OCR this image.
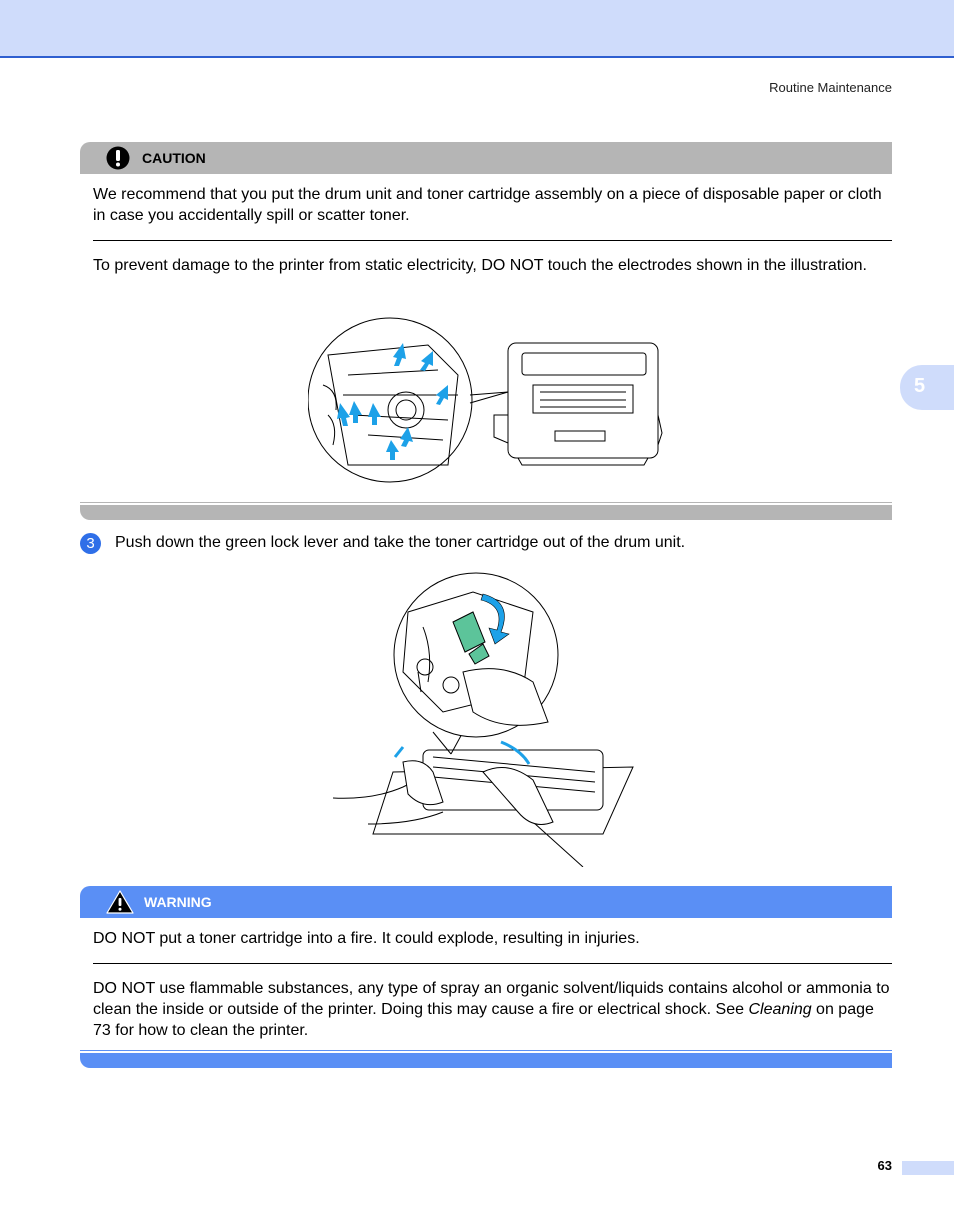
Routine Maintenance
5
CAUTION
We recommend that you put the drum unit and toner cartridge assembly on a piece of disposable paper or cloth in case you accidentally spill or scatter toner.
To prevent damage to the printer from static electricity, DO NOT touch the electrodes shown in the illustration.
3	Push down the green lock lever and take the toner cartridge out of the drum unit.
WARNING
DO NOT put a toner cartridge into a fire. It could explode, resulting in injuries.
DO NOT use flammable substances, any type of spray an organic solvent/liquids contains alcohol or ammonia to clean the inside or outside of the printer. Doing this may cause a fire or electrical shock. See Cleaning on page 73 for how to clean the printer.
63
